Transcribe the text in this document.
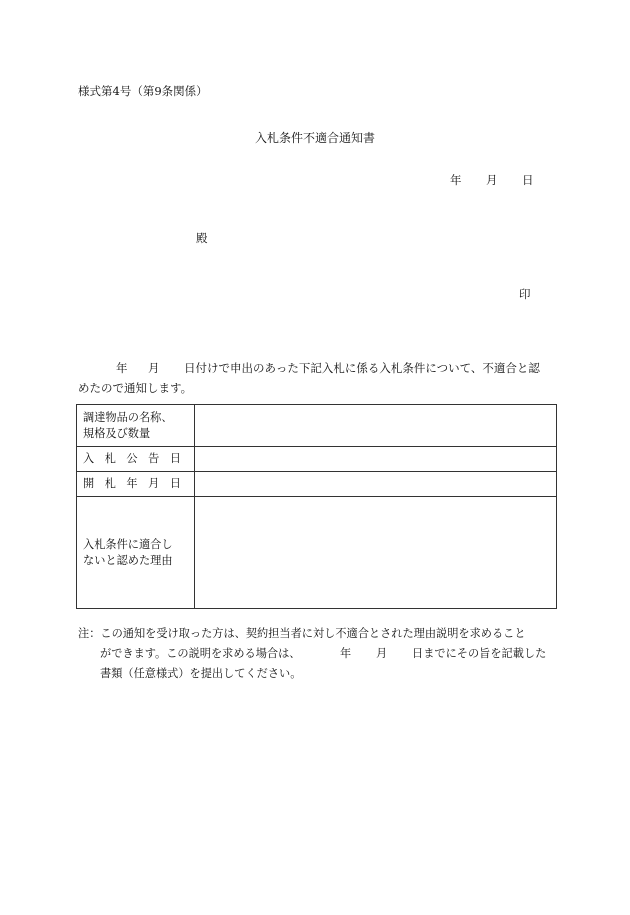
様式第4号（第9条関係）
入札条件不適合通知書
年 月 日
殿
印
年 月 日付けで申出のあった下記入札に係る入札条件について、不適合と認
めたので通知します。
調達物品の名称、
規格及び数量	

入 札 公 告 日	

開 札 年 月 日	

入札条件に適合し
ないと認めた理由	

注：この通知を受け取った方は、契約担当者に対し不適合とされた理由説明を求めること
ができます。この説明を求める場合は、	年 月 日までにその旨を記載した
書類（任意様式）を提出してください。
